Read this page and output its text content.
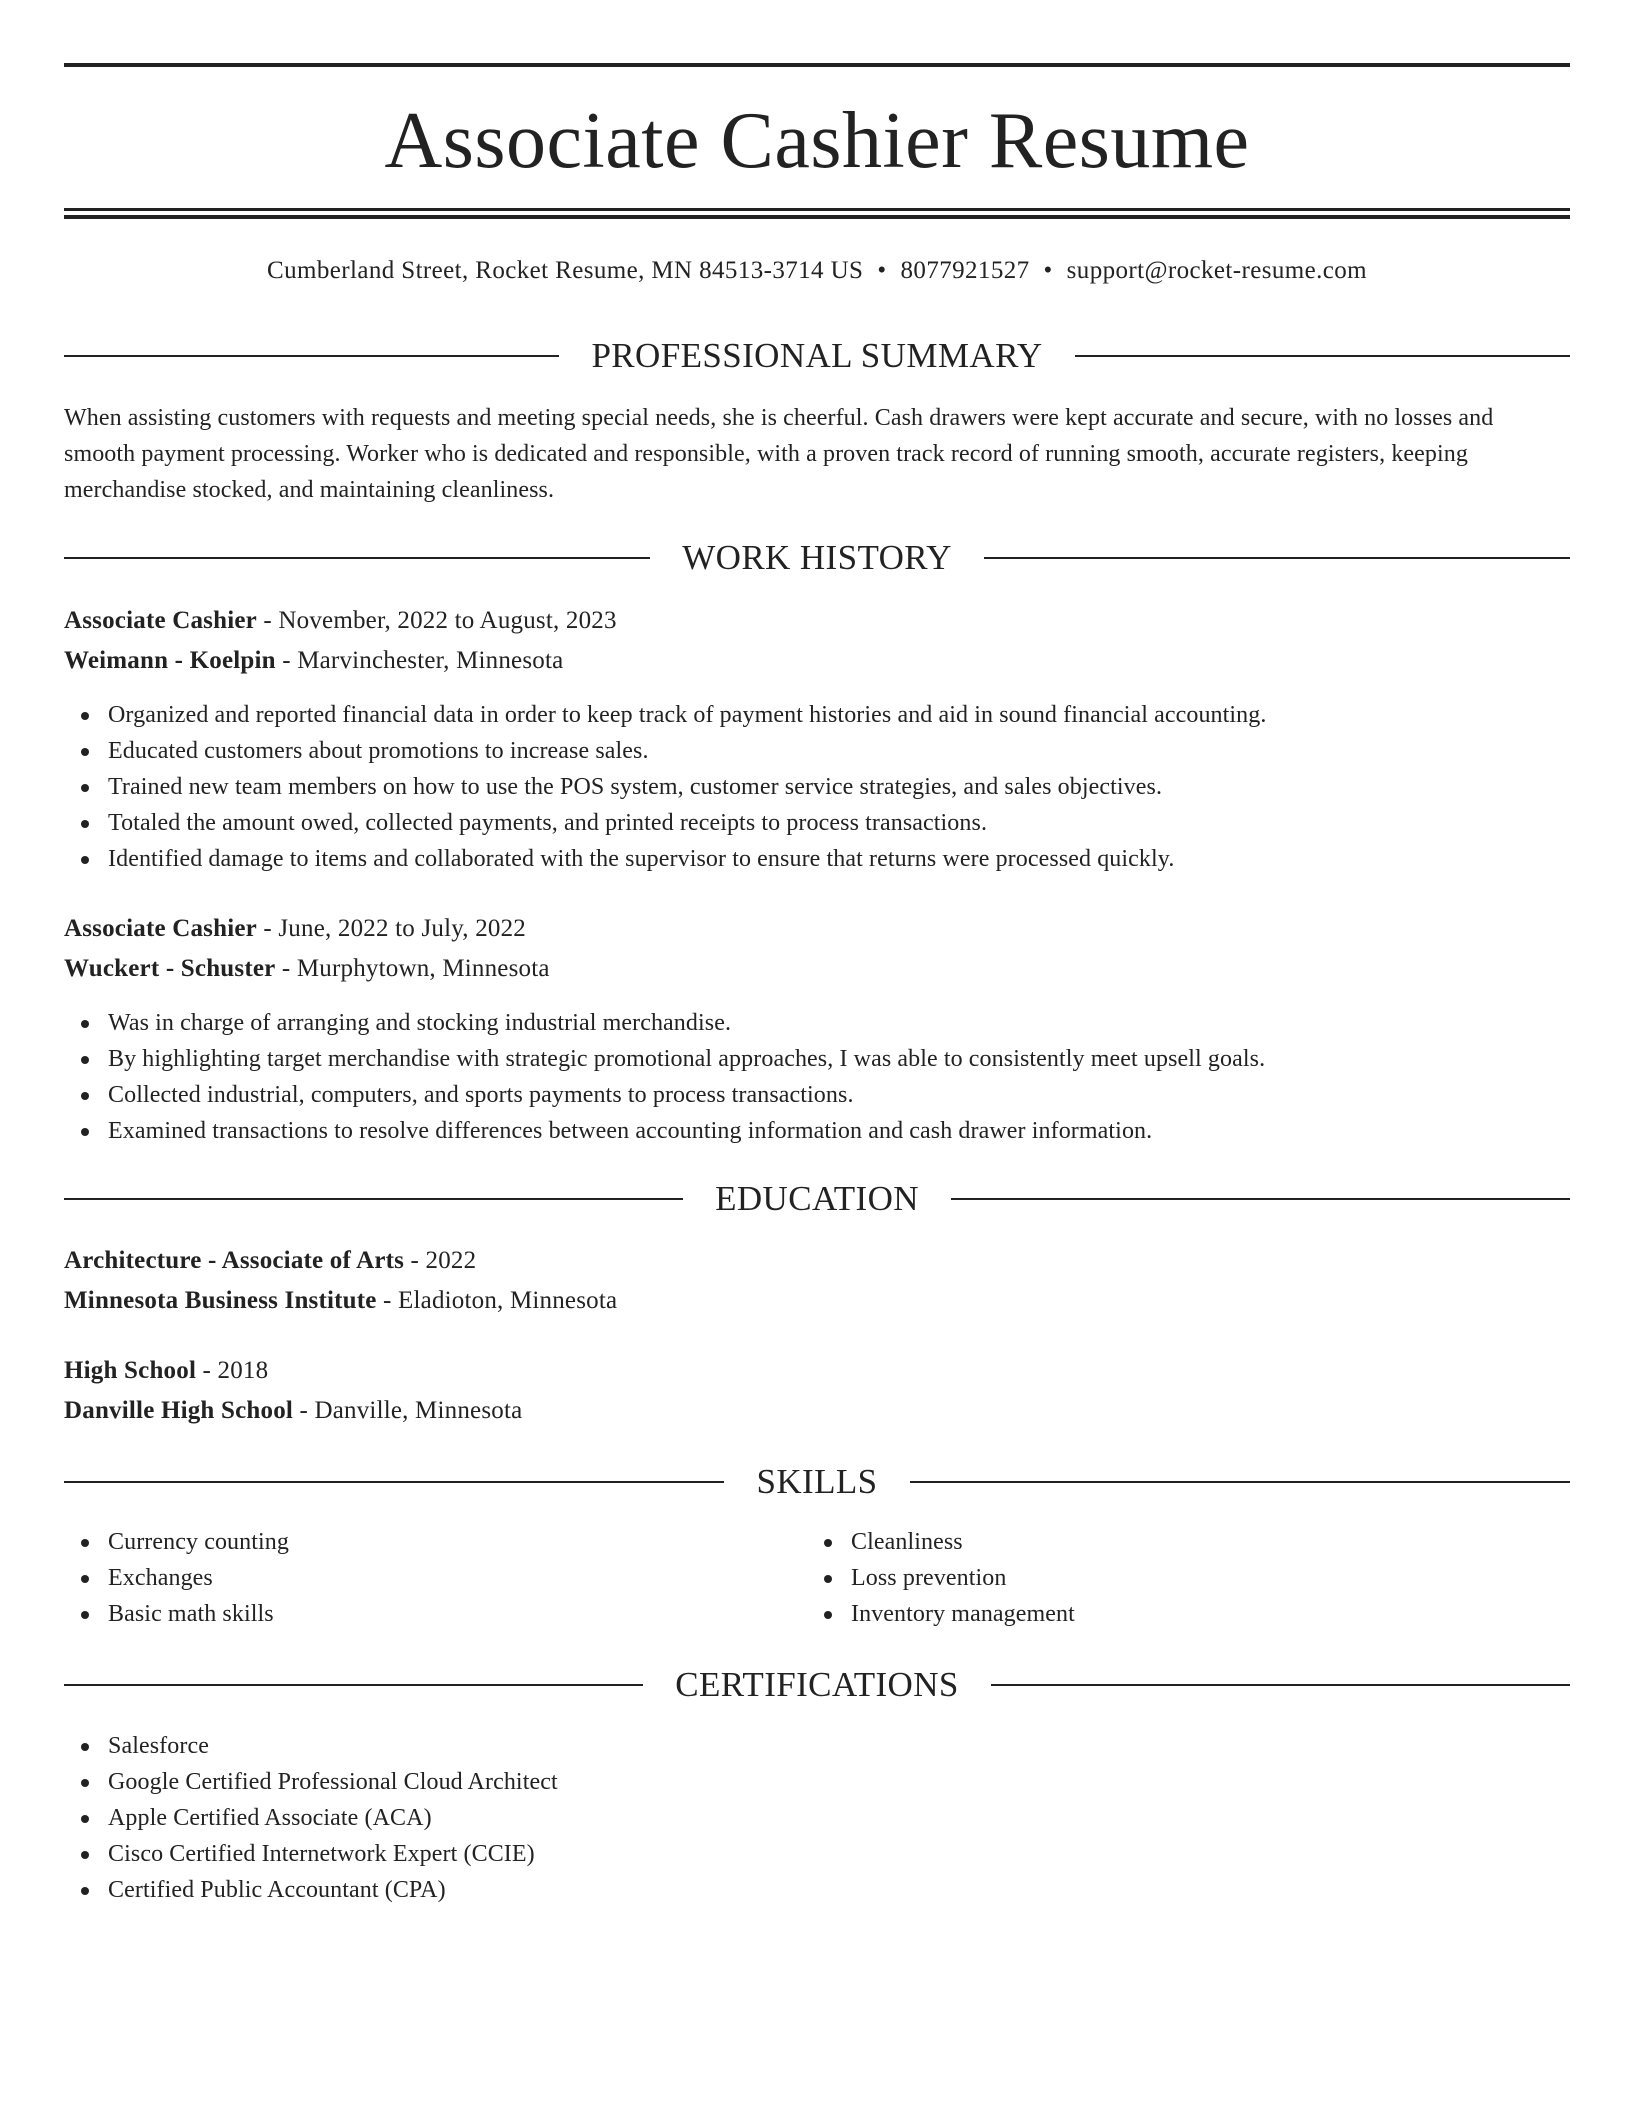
Associate Cashier Resume
Cumberland Street, Rocket Resume, MN 84513-3714 US • 8077921527 • support@rocket-resume.com
PROFESSIONAL SUMMARY
When assisting customers with requests and meeting special needs, she is cheerful. Cash drawers were kept accurate and secure, with no losses and smooth payment processing. Worker who is dedicated and responsible, with a proven track record of running smooth, accurate registers, keeping merchandise stocked, and maintaining cleanliness.
WORK HISTORY
Associate Cashier - November, 2022 to August, 2023
Weimann - Koelpin - Marvinchester, Minnesota
Organized and reported financial data in order to keep track of payment histories and aid in sound financial accounting.
Educated customers about promotions to increase sales.
Trained new team members on how to use the POS system, customer service strategies, and sales objectives.
Totaled the amount owed, collected payments, and printed receipts to process transactions.
Identified damage to items and collaborated with the supervisor to ensure that returns were processed quickly.
Associate Cashier - June, 2022 to July, 2022
Wuckert - Schuster - Murphytown, Minnesota
Was in charge of arranging and stocking industrial merchandise.
By highlighting target merchandise with strategic promotional approaches, I was able to consistently meet upsell goals.
Collected industrial, computers, and sports payments to process transactions.
Examined transactions to resolve differences between accounting information and cash drawer information.
EDUCATION
Architecture - Associate of Arts - 2022
Minnesota Business Institute - Eladioton, Minnesota
High School - 2018
Danville High School - Danville, Minnesota
SKILLS
Currency counting
Exchanges
Basic math skills
Cleanliness
Loss prevention
Inventory management
CERTIFICATIONS
Salesforce
Google Certified Professional Cloud Architect
Apple Certified Associate (ACA)
Cisco Certified Internetwork Expert (CCIE)
Certified Public Accountant (CPA)
